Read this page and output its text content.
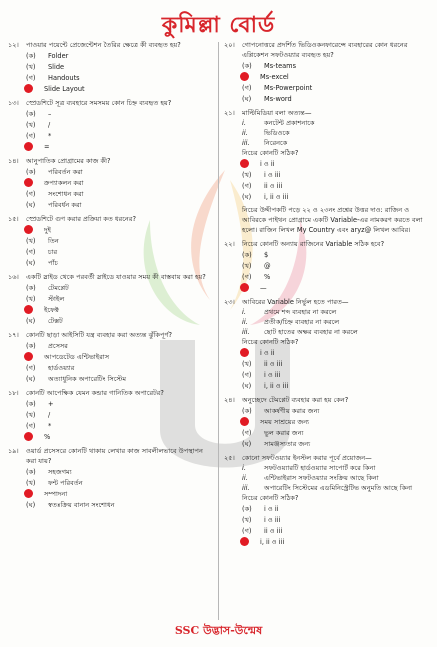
কুমিল্লা বোর্ড
১২।	পাওয়ার পয়েন্টে প্রেজেন্টেশন তৈরির ক্ষেত্রে কী ব্যবহৃত হয়?
(ক)	Folder
(খ)	Slide
(গ)	Handouts
Slide Layout
১৩।	স্প্রেডশিটে সূত্র ব্যবহারে সমসময় কোন চিহ্ন ব্যবহৃত হয়?
(ক)	–
(খ)	/
(গ)	*
=
১৪।	আনুপাতিক প্রোগ্রামের কাজ কী?
(ক)	পরিবর্তন করা
ক্রপ্যাকলন করা
(গ)	সংশোধন করা
(ঘ)	পরিবর্ধন করা
১৫।	স্প্রেডশিটে গুণ করার প্রক্রিয়া কত ধরনের?
দুই
(খ)	তিন
(গ)	চার
(ঘ)	পাঁচ
১৬।	একটি স্লাইড থেকে পরবর্তী স্লাইডে যাওয়ার সময় কী বাস্তবায় করা হয়?
(ক)	টেমপ্লেট
(খ)	স্টাইল
ইফেক্ট
(ঘ)	টেক্সট
১৭।	কোনটি ছাড়া আইসিটি যন্ত্র ব্যবহার করা অত্যন্ত ঝুঁকিপূর্ণ?
(ক)	প্রসেসর
আপডেটেড এন্টিভাইরাস
(গ)	হার্ডওয়্যার
(ঘ)	অত্যাধুনিক অপারেটিং সিস্টেম
১৮।	কোনটি আপেক্ষিক যেমন কন্ডার গানিতিক অপারেটর?
(ক)	+
(খ)	/
(গ)	*
%
১৯।	ওয়ার্ড প্রসেসরে কোনটি থাকায় লেখার কাজ সাবলীলভাবে উপস্থাপন করা যায়?
(ক)	সহজগম্য
(খ)	ফন্ট পরিবর্তন
সম্পাদনা
(ঘ)	স্বতঃক্রিয় বানান সংশোধন
২০।	গোপনোত্তরে প্রদর্শিত ভিডিওকনফারেন্সে ব্যবহারের কোন ধরনের এপ্লিকেশন সফটওয়্যার ব্যবহৃত হয়?
(ক)	Ms-teams
Ms-excel
(গ)	Ms-Powerpoint
(ঘ)	Ms-word
২১।	মাল্টিমিডিয়া বলা অত্যন্ত—
i.	কনটেন্ট প্রকাশনাকে
ii.	ভিডিওকে
iii.	নিরেনকে
নিচের কোনটি সঠিক?
i ও ii
(খ)	i ও iii
(গ)	ii ও iii
(ঘ)	i, ii ও iii
নিচের উদ্দীপকটি পড়ে ২২ ও ২৩নং প্রশ্নের উত্তর দাও: রাজিন ও আবিরকে পাইথন প্রোগ্রামে একটি Variable-এর নামকরণ করতে বলা হলো। রাজিন লিখল My Country এবং aryz@ লিখল আবির।
২২।	নিচের কোনটি অন্যায় রাজিনের Variable সঠিক হবে?
(ক)	$
(খ)	@
(গ)	%
—
২৩।	আবিরের Variable নির্ভুল হতে পারত—
i.	প্রথমে শব্দ ব্যবহার না করলে
ii.	প্রতীক/চিহ্ন ব্যবহার না করলে
iii.	ছোট হাতের অক্ষর ব্যবহার না করলে
নিচের কোনটি সঠিক?
i ও ii
(খ)	ii ও iii
(গ)	i ও iii
(ঘ)	i, ii ও iii
২৪।	অনুচ্ছেদে টেমপ্লেট ব্যবহার করা হয় কেন?
(ক)	আকর্ষণীয় করার জন্য
সময় সাশ্রয়ের জন্য
(গ)	ভুল করার জন্য
(ঘ)	সামঞ্জস্যতার জন্য
২৫।	কোনো সফটওয়্যার ইনস্টল করার পূর্বে প্রয়োজন—
i.	সফটওয়্যারটি হার্ডওয়্যার সাপোর্ট করে কিনা
ii.	এন্টিভাইরাস সফটওয়্যার সংক্রিয় আছে কিনা
iii.	অপারেটিং সিস্টেমের এডমিনিস্ট্রেটিভ অনুমতি আছে কিনা
নিচের কোনটি সঠিক?
(ক)	i ও ii
(খ)	i ও iii
(গ)	ii ও iii
i, ii ও iii
SSC উদ্ভাস-উন্মেষ
